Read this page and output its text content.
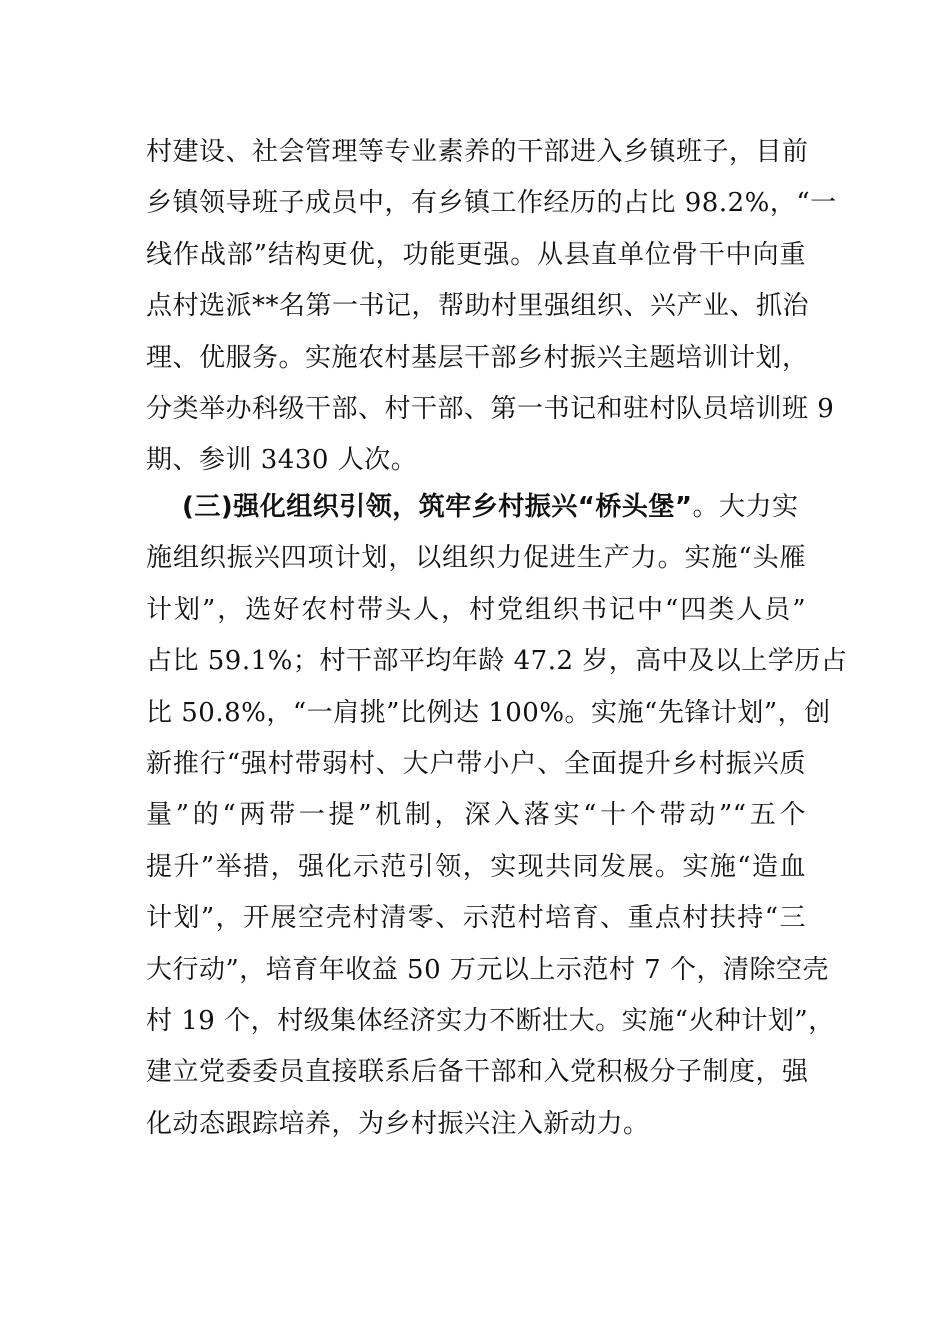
村建设、社会管理等专业素养的干部进入乡镇班子，目前
乡镇领导班子成员中，有乡镇工作经历的占比 98.2%，“一
线作战部”结构更优，功能更强。从县直单位骨干中向重
点村选派**名第一书记，帮助村里强组织、兴产业、抓治
理、优服务。实施农村基层干部乡村振兴主题培训计划，
分类举办科级干部、村干部、第一书记和驻村队员培训班 9
期、参训 3430 人次。
(三)强化组织引领，筑牢乡村振兴“桥头堡”。大力实
施组织振兴四项计划，以组织力促进生产力。实施“头雁
计划”，选好农村带头人，村党组织书记中“四类人员”
占比 59.1%；村干部平均年龄 47.2 岁，高中及以上学历占
比 50.8%，“一肩挑”比例达 100%。实施“先锋计划”，创
新推行“强村带弱村、大户带小户、全面提升乡村振兴质
量”的“两带一提”机制，深入落实“十个带动”“五个
提升”举措，强化示范引领，实现共同发展。实施“造血
计划”，开展空壳村清零、示范村培育、重点村扶持“三
大行动”，培育年收益 50 万元以上示范村 7 个，清除空壳
村 19 个，村级集体经济实力不断壮大。实施“火种计划”，
建立党委委员直接联系后备干部和入党积极分子制度，强
化动态跟踪培养，为乡村振兴注入新动力。
